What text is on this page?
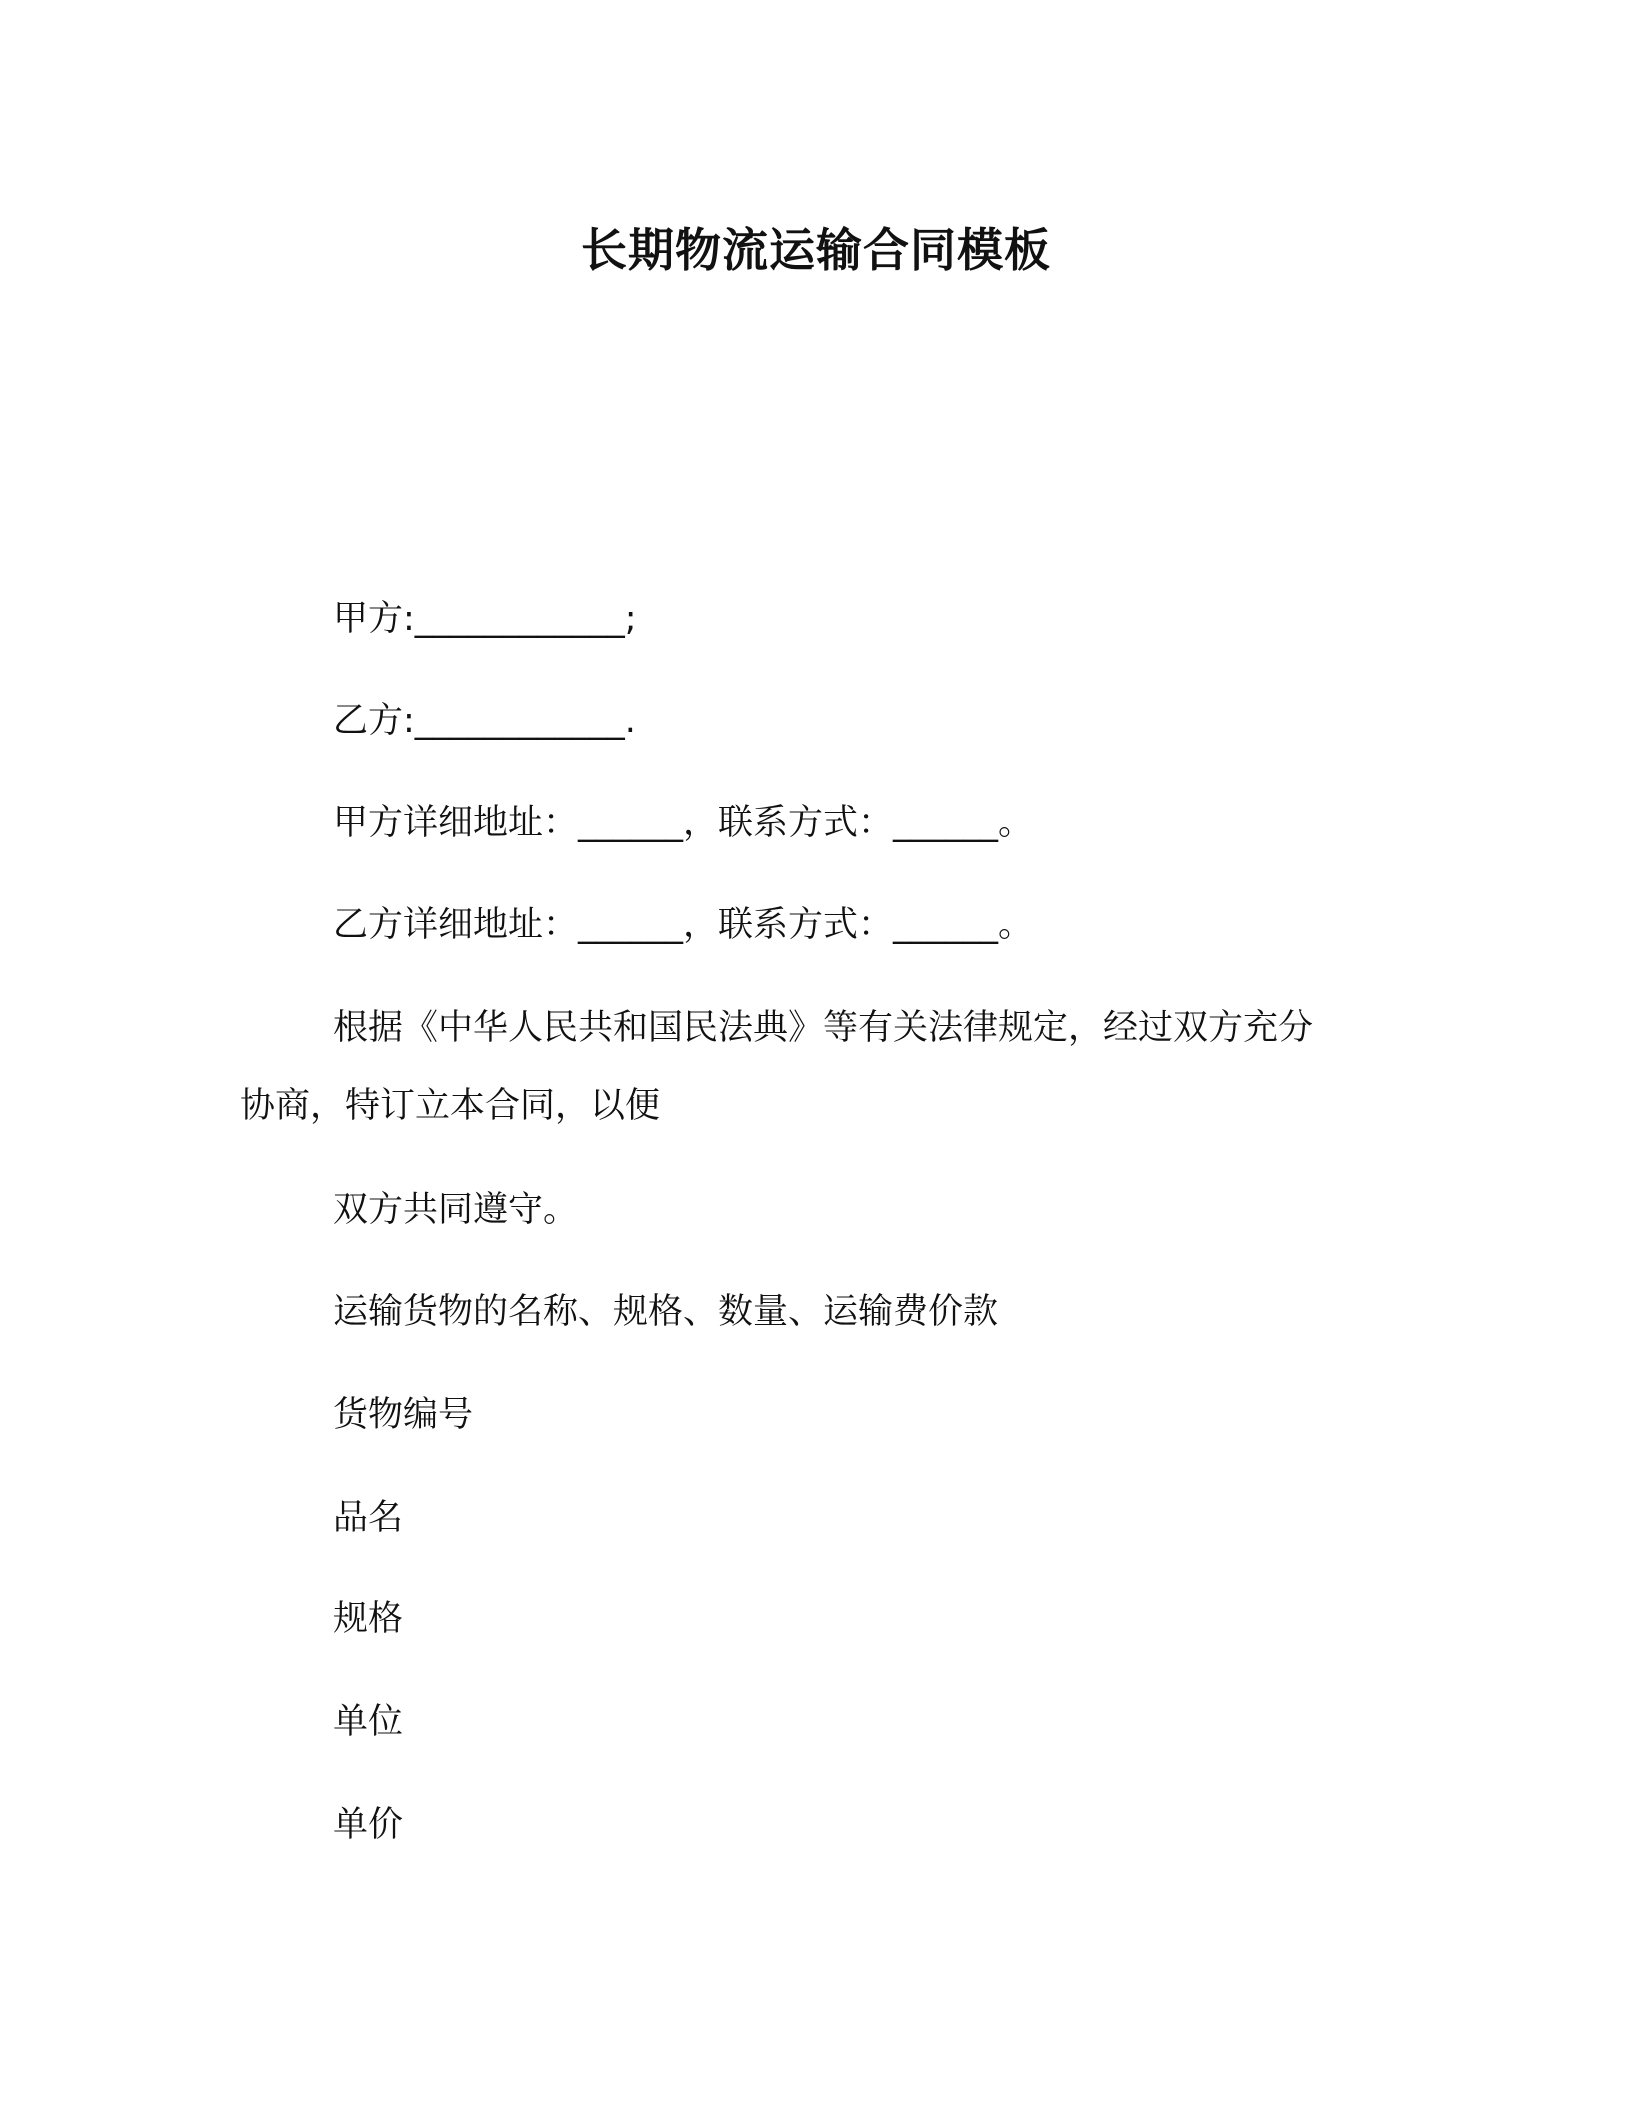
长期物流运输合同模板

甲方:____________;

乙方:____________.

甲方详细地址：______，联系方式：______。

乙方详细地址：______，联系方式：______。

根据《中华人民共和国民法典》等有关法律规定，经过双方充分

协商，特订立本合同，以便

双方共同遵守。

运输货物的名称、规格、数量、运输费价款

货物编号

品名

规格

单位

单价
